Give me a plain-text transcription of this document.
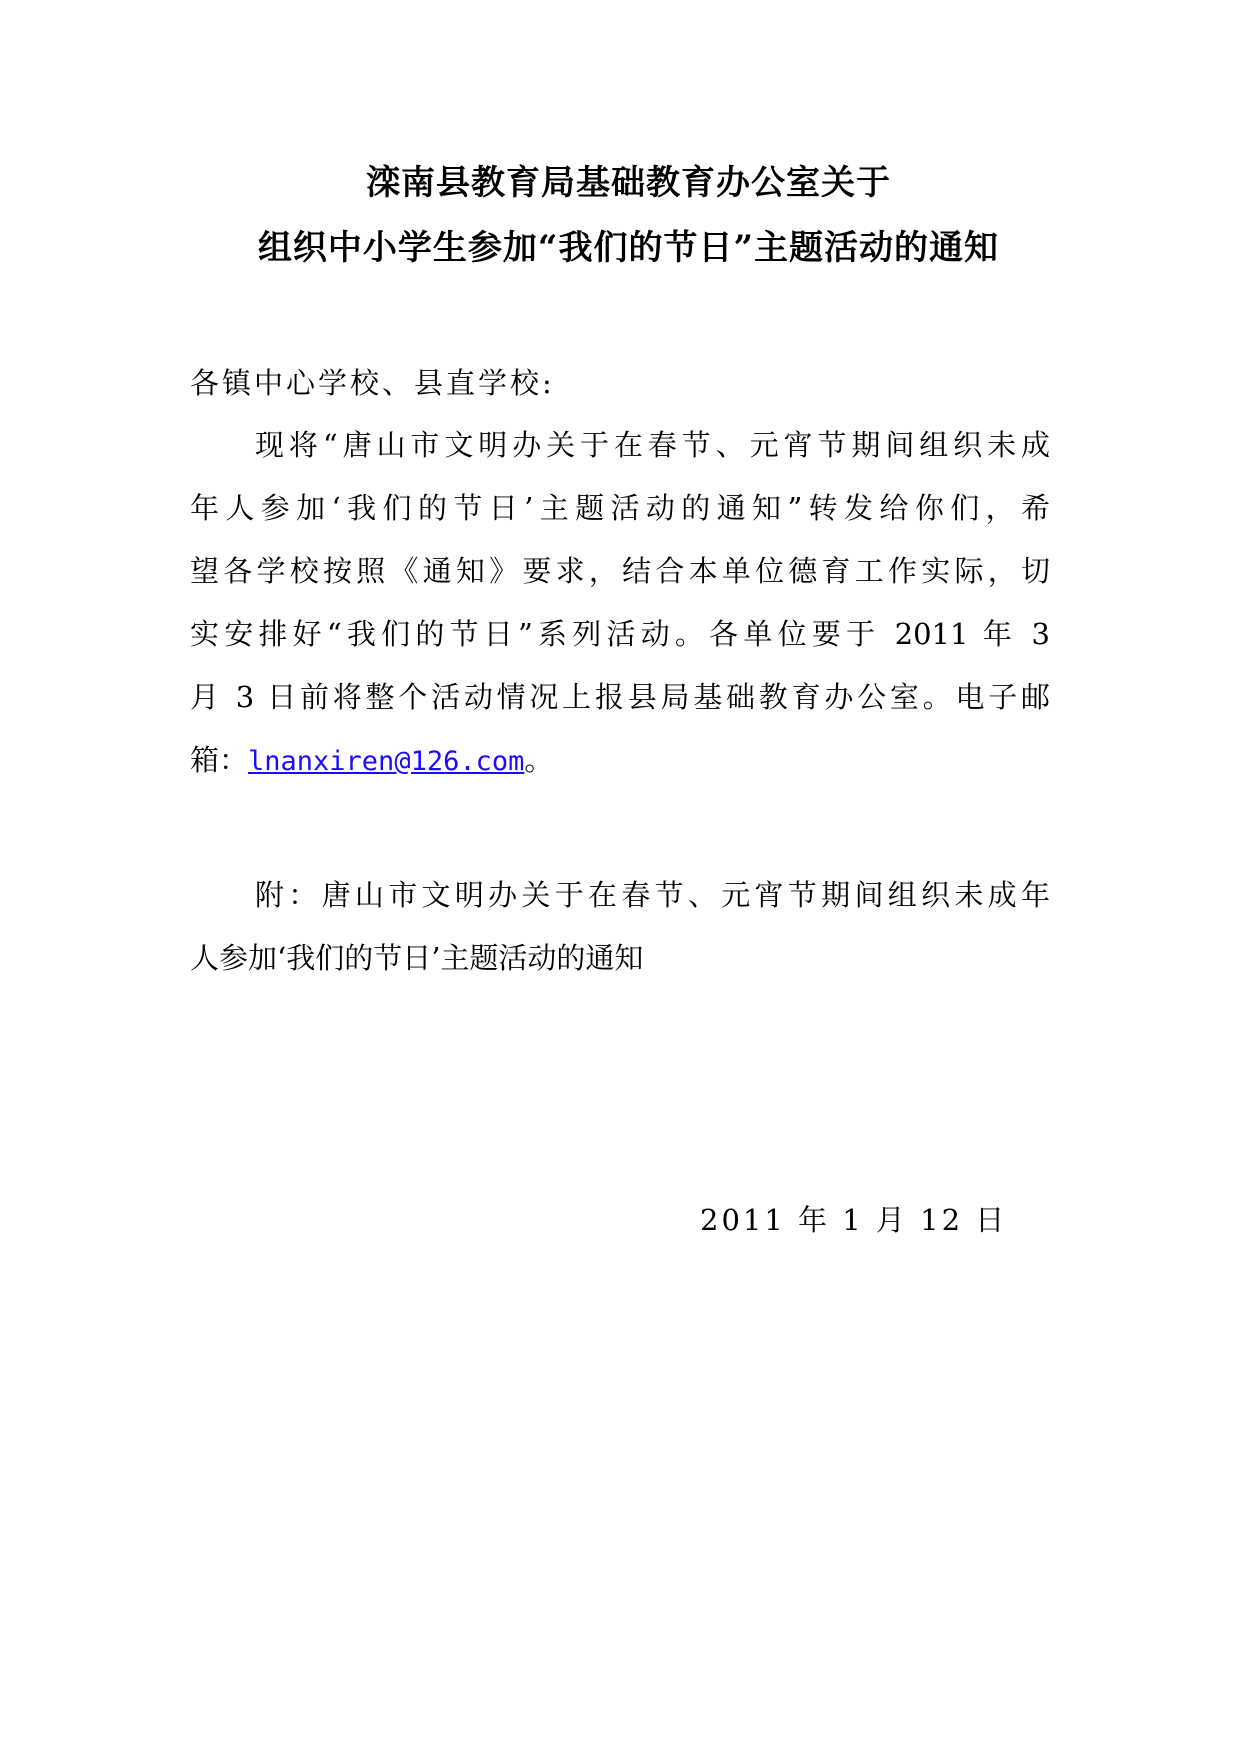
滦南县教育局基础教育办公室关于
组织中小学生参加“我们的节日”主题活动的通知
各镇中心学校、县直学校:
现将“唐山市文明办关于在春节、元宵节期间组织未成
年人参加‘我们的节日’主题活动的通知”转发给你们，希
望各学校按照《通知》要求，结合本单位德育工作实际，切
实安排好“我们的节日”系列活动。各单位要于 2011 年 3
月 3 日前将整个活动情况上报县局基础教育办公室。电子邮
箱：lnanxiren@126.com。
附：唐山市文明办关于在春节、元宵节期间组织未成年
人参加‘我们的节日’主题活动的通知
2011 年 1 月 12 日
